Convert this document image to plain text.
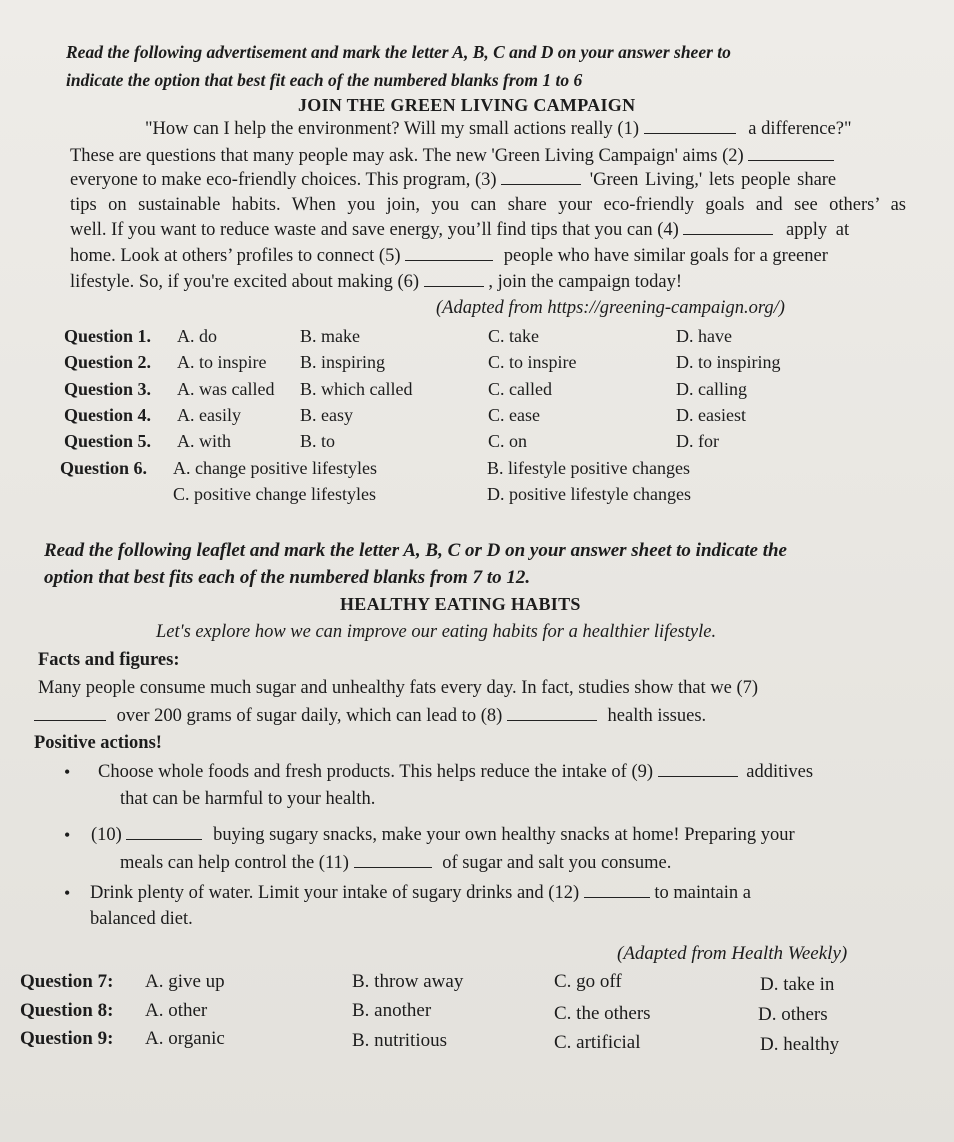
Read the following advertisement and mark the letter A, B, C and D on your answer sheer to
indicate the option that best fit each of the numbered blanks from 1 to 6
JOIN THE GREEN LIVING CAMPAIGN
"How can I help the environment? Will my small actions really (1)	a difference?"
These are questions that many people may ask. The new 'Green Living Campaign' aims (2)
everyone to make eco-friendly choices. This program, (3)	'Green Living,' lets people share
tips on sustainable habits. When you join, you can share your eco-friendly goals and see others’ as
well. If you want to reduce waste and save energy, you’ll find tips that you can (4)	apply at
home. Look at others’ profiles to connect (5)	people who have similar goals for a greener
lifestyle. So, if you're excited about making (6)	, join the campaign today!
(Adapted from https://greening-campaign.org/)
Question 1. A. do	B. make	C. take	D. have
Question 2. A. to inspire B. inspiring	C. to inspire	D. to inspiring
Question 3. A. was called B. which called	C. called	D. calling
Question 4. A. easily	B. easy	C. ease	D. easiest
Question 5. A. with	B. to	C. on	D. for
Question 6. A. change positive lifestyles	B. lifestyle positive changes
C. positive change lifestyles	D. positive lifestyle changes
Read the following leaflet and mark the letter A, B, C or D on your answer sheet to indicate the
option that best fits each of the numbered blanks from 7 to 12.
HEALTHY EATING HABITS
Let's explore how we can improve our eating habits for a healthier lifestyle.
Facts and figures:
Many people consume much sugar and unhealthy fats every day. In fact, studies show that we (7)
over 200 grams of sugar daily, which can lead to (8)	health issues.
Positive actions!
• Choose whole foods and fresh products. This helps reduce the intake of (9)	additives
that can be harmful to your health.
• (10)	buying sugary snacks, make your own healthy snacks at home! Preparing your
meals can help control the (11)	of sugar and salt you consume.
• Drink plenty of water. Limit your intake of sugary drinks and (12)	to maintain a
balanced diet.
(Adapted from Health Weekly)
Question 7: A. give up	B. throw away	C. go off	D. take in
Question 8: A. other	B. another	C. the others	D. others
Question 9: A. organic	B. nutritious	C. artificial	D. healthy
